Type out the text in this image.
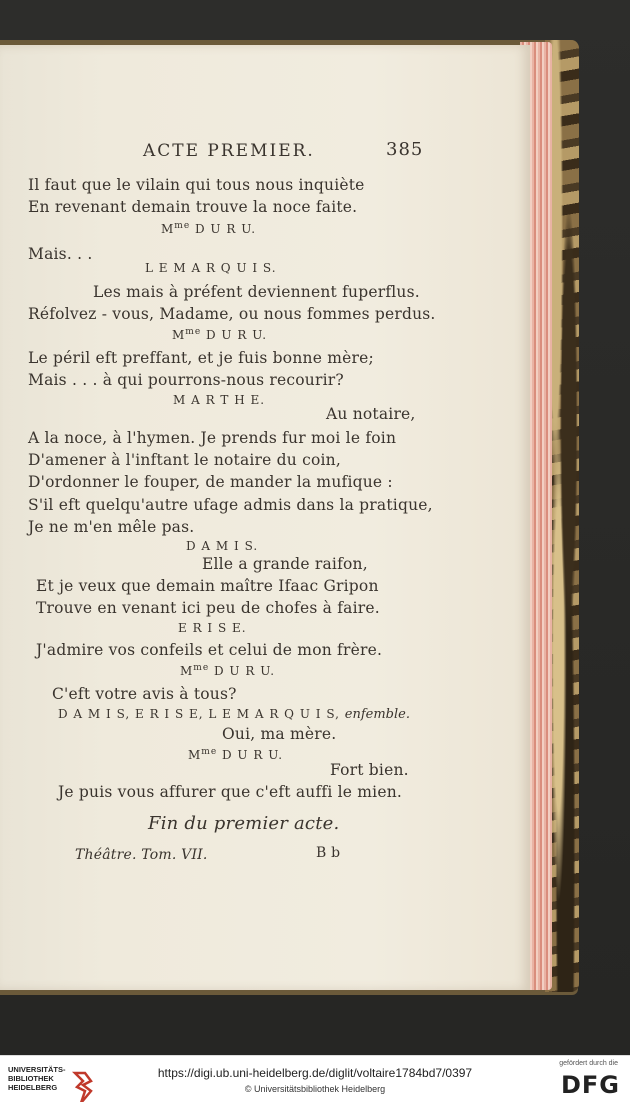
ACTE PREMIER.	385
Il faut que le vilain qui tous nous inquiète
En revenant demain trouve la noce faite.
$M^{me}$ D U R U.
Mais. . .
L E M A R Q U I S.
Les mais à préfent deviennent fuperflus.
Réfolvez - vous, Madame, ou nous fommes perdus.
$M^{me}$ D U R U.
Le péril eft preffant, et je fuis bonne mère;
Mais . . . à qui pourrons-nous recourir?
M A R T H E.
Au notaire,
A la noce, à l'hymen. Je prends fur moi le foin
D'amener à l'inftant le notaire du coin,
D'ordonner le fouper, de mander la mufique :
S'il eft quelqu'autre ufage admis dans la pratique,
Je ne m'en mêle pas.
D A M I S.
Elle a grande raifon,
Et je veux que demain maître Ifaac Gripon
Trouve en venant ici peu de chofes à faire.
E R I S E.
J'admire vos confeils et celui de mon frère.
$M^{me}$ D U R U.
C'eft votre avis à tous?
D A M I S, E R I S E, L E M A R Q U I S, enfemble.
Oui, ma mère.
$M^{me}$ D U R U.
Fort bien.
Je puis vous affurer que c'eft auffi le mien.
Fin du premier acte.
Théâtre. Tom. VII.	B b
UNIVERSITÄTS-BIBLIOTHEK HEIDELBERG
https://digi.ub.uni-heidelberg.de/diglit/voltaire1784bd7/0397
© Universitätsbibliothek Heidelberg
gefördert durch die
DFG
